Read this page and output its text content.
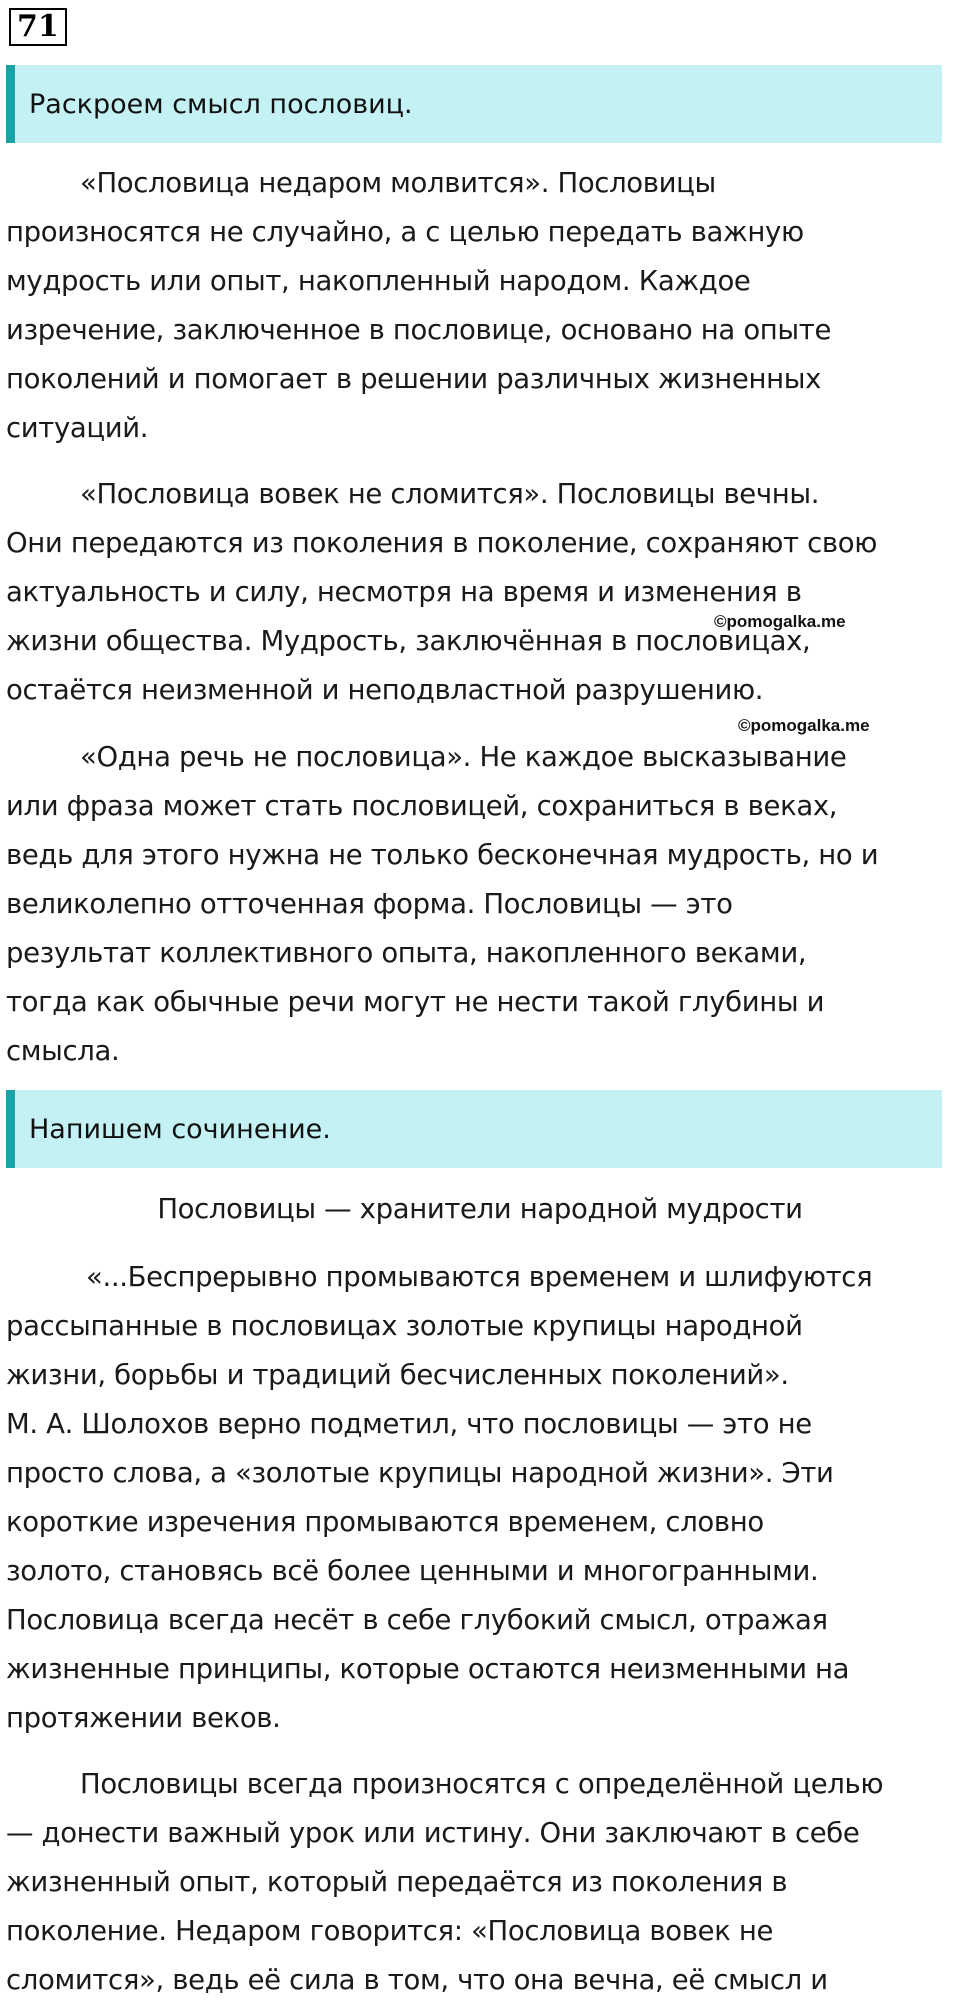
71
Раскроем смысл пословиц.
«Пословица недаром молвится». Пословицы
произносятся не случайно, а с целью передать важную
мудрость или опыт, накопленный народом. Каждое
изречение, заключенное в пословице, основано на опыте
поколений и помогает в решении различных жизненных
ситуаций.
«Пословица вовек не сломится». Пословицы вечны.
Они передаются из поколения в поколение, сохраняют свою
актуальность и силу, несмотря на время и изменения в
жизни общества. Мудрость, заключённая в пословицах,
остаётся неизменной и неподвластной разрушению.
«Одна речь не пословица». Не каждое высказывание
или фраза может стать пословицей, сохраниться в веках,
ведь для этого нужна не только бесконечная мудрость, но и
великолепно отточенная форма. Пословицы — это
результат коллективного опыта, накопленного веками,
тогда как обычные речи могут не нести такой глубины и
смысла.
Напишем сочинение.
Пословицы — хранители народной мудрости
«...Беспрерывно промываются временем и шлифуются
рассыпанные в пословицах золотые крупицы народной
жизни, борьбы и традиций бесчисленных поколений».
М. А. Шолохов верно подметил, что пословицы — это не
просто слова, а «золотые крупицы народной жизни». Эти
короткие изречения промываются временем, словно
золото, становясь всё более ценными и многогранными.
Пословица всегда несёт в себе глубокий смысл, отражая
жизненные принципы, которые остаются неизменными на
протяжении веков.
Пословицы всегда произносятся с определённой целью
— донести важный урок или истину. Они заключают в себе
жизненный опыт, который передаётся из поколения в
поколение. Недаром говорится: «Пословица вовек не
сломится», ведь её сила в том, что она вечна, её смысл и
©pomogalka.me
©pomogalka.me
